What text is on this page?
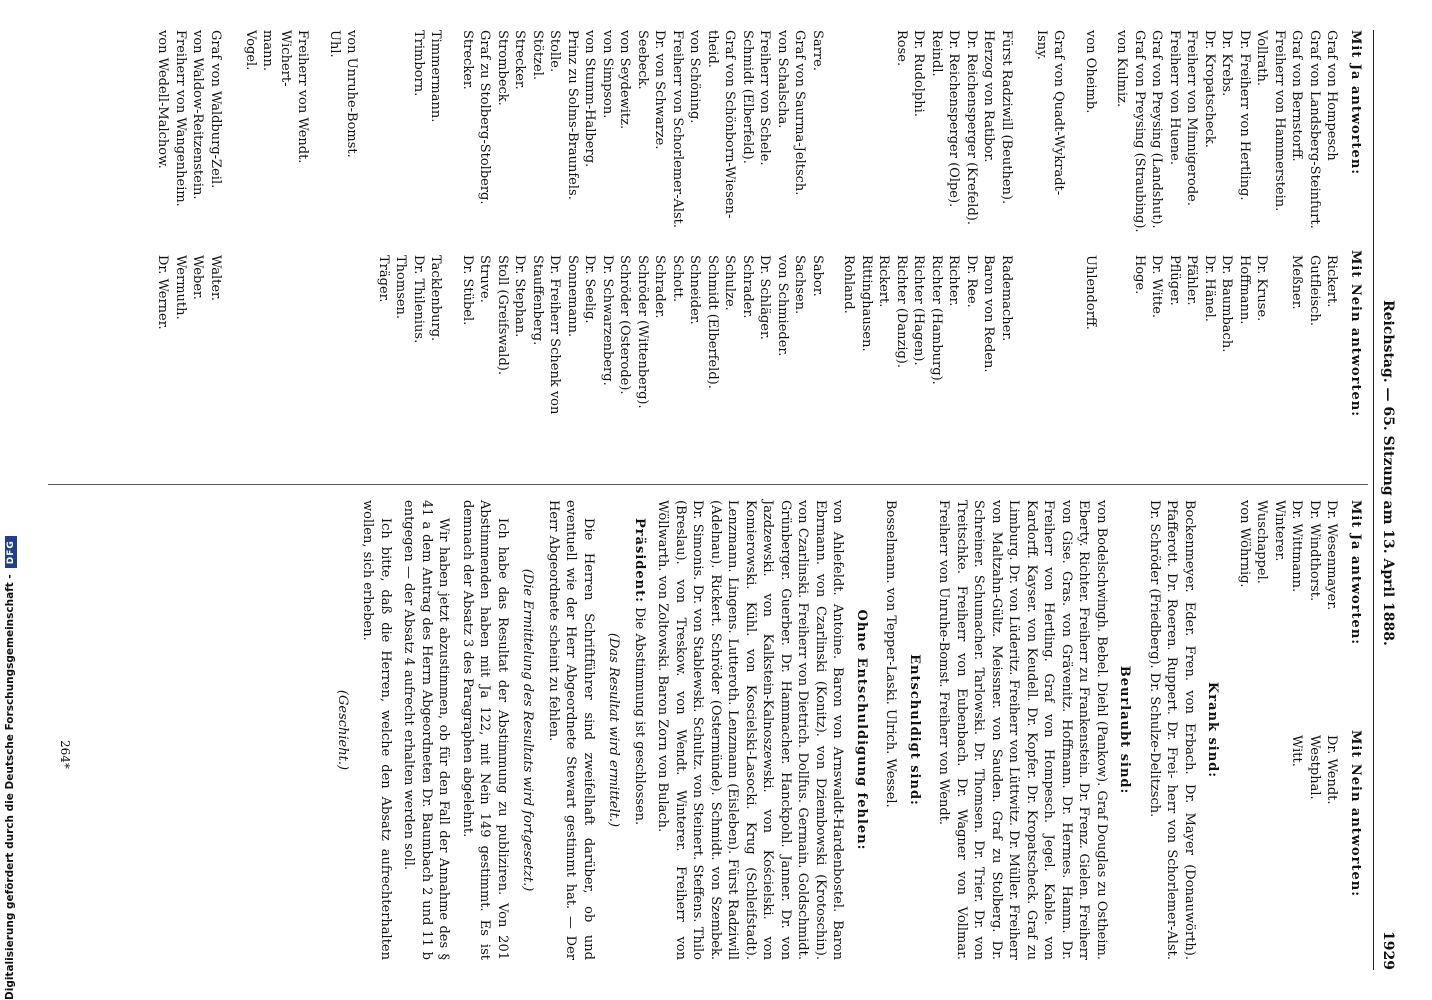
Digitalisierung gefördert durch die Deutsche Forschungsgemeinschaft -DFG	Reichstag. — 65. Sitzung am 13. April 1888.
1929
Mit Ja antworten:
Mit Nein antworten:
Graf von Hompesch
Graf von Landsberg-Steinfurt.
Graf von Bernstorff.
Freiherr von Hammerstein.
Vollrath.
Dr. Freiherr von Hertling.
Dr. Krebs.
Dr. Kropatscheck.
Freiherr von Minnigerode.
Freiherr von Huene.
Graf von Preysing (Landshut).
Graf von Preysing (Straubing).
von Kulmiz.
Rickert.
Gutfleisch.
Meßner.

Dr. Kruse.
Hoffmann.
Dr. Baumbach.
Dr. Hänel.
Pfähler.
Pflüger.
Dr. Witte.
Hoge.
von Oheimb.
Uhlendorff.
Graf von Quadt-Wykradt-
Isny.

Fürst Radziwill (Beuthen).
Herzog von Ratibor.
Dr. Reichensperger (Krefeld).
Dr. Reichensperger (Olpe).
Reindl.
Dr. Rudolphi.
Rose.

Rademacher.
Baron von Reden.
Dr. Ree.
Richter.
Richter (Hamburg).
Richter (Hagen).
Richter (Danzig).
Rickert.
Rittinghausen.
Rohland.
Sarre.
Graf von Saurma-Jeltsch.
von Schalscha.
Freiherr von Schele.
Schmidt (Elberfeld).
Graf von Schönborn-Wiesen-
theid.
von Schöning.
Freiherr von Schorlemer-Alst.
Dr. von Schwarze.
Seebeck.
von Seydewitz.
von Simpson.
von Stumm-Halberg.
Prinz zu Solms-Braunfels.
Stolle.
Stötzel.
Strecker.
Strombeck.
Graf zu Stolberg-Stolberg.
Strecker.
Sabor.
Sachsen.
von Schmieder.
Dr. Schläger.
Schrader.
Schulze.
Schmidt (Elberfeld).
Schneider.
Schott.
Schrader.
Schröder (Wittenberg).
Schröder (Osterode).
Dr. Schwarzenberg.
Dr. Seelig.
Sonnemann.
Dr. Freiherr Schenk von
Stauffenberg.
Dr. Stephan.
Stoll (Greifswald).
Struve.
Dr. Stübel.
Timmermann.
Trimborn.
Tacklenburg.
Dr. Thilenius.
Thomsen.
Träger.
von Unruhe-Bomst.
Uhl.
Freiherr von Wendt.
Wichert-
mann.
Vogel.

Graf von Waldburg-Zeil.
von Waldow-Reitzenstein.
Freiherr von Wangenheim.
von Wedell-Malchow.

Walter.
Weber.
Wermuth.
Dr. Werner.
Mit Ja antworten:
Mit Nein antworten:
Dr. Wesenmayer.
Dr. Windthorst.
Dr. Wittmann.
Winterer.
Wuschappel.
von Wöhrnig.
Dr. Wendt.
Westphal.
Witt.
Krank sind:

Bockenmeyer. Eder. Fren. von Erbach. Dr. Mayer (Donauwörth). Pfafferott. Dr. Roeren. Ruppert. Dr. Frei- herr von Schorlemer-Alst. Dr. Schröder (Friedberg). Dr. Schulze-Delitzsch.

Beurlaubt sind:

von Bodelschwingh. Bebel. Diehl (Pankow). Graf Douglas zu Ostheim. Eberty. Richter. Freiherr zu Frankenstein. Dr. Frenz. Gielen. Freiherr von Gise. Gras. von Grävenitz. Hoffmann. Dr. Hermes. Hamm. Dr. Freiherr von Hertling. Graf von Hompesch. Jegel. Kable. von Kardorff. Kayser. von Keudell. Dr. Kopfer. Dr. Kropatscheck. Graf zu Limburg. Dr. von Lüderitz. Freiherr von Lüttwitz. Dr. Müller. Freiherr von Maltzahn-Gültz. Meissner. von Sauden. Graf zu Stolberg. Dr. Schreiner. Schumacher. Tarlowski. Dr. Thomsen. Dr. Trier. Dr. von Treitschke. Freiherr von Eubenbach. Dr. Wagner von Vollmar. Freiherr von Unruhe-Bomst. Freiherr von Wendt.

Entschuldigt sind:

Bosselmann. von Tepper-Laski. Ulrich. Wessel.

Ohne Entschuldigung fehlen:

von Ahlefeldt. Antoine. Baron von Arnswaldt-Hardenbostel. Baron Ebrmann. von Czarlinski (Konitz). von Dziembowski (Krotoschin). von Czarlinski. Freiherr von Dietrich. Dollfus. Germain. Goldschmidt. Grünberger. Guerber. Dr. Hammacher. Hanckpohl. Janner. Dr. von Jazdzewski. von Kalkstein-Kalnoszewski. von Kościelski. von Komierowski. Kühl. von Koscielski-Lasocki. Krug (Schleifstadt). Lenzmann. Lingens. Lutteroth. Lenzmann (Eisleben). Fürst Radziwill (Adelnau). Rickert. Schröder (Ostermünde). Schmidt. von Szembek. Dr. Simonis. Dr. von Stablewski. Schultz. von Steinert. Steffens. Thilo (Breslau). von Treskow. von Wendt. Winterer. Freiherr von Wöllwarth. von Zoltowski. Baron Zorn von Bulach.

Präsident: Die Abstimmung ist geschlossen.

(Das Resultat wird ermittelt.)

Die Herren Schriftführer sind zweifelhaft darüber, ob und eventuell wie der Herr Abgeordnete Stewart gestimmt hat. — Der Herr Abgeordnete scheint zu fehlen.

(Die Ermittelung des Resultats wird fortgesetzt.)

Ich habe das Resultat der Abstimmung zu publiziren. Von 201 Abstimmenden haben mit Ja 122, mit Nein 149 gestimmt. Es ist demnach der Absatz 3 des Paragraphen abgelehnt.

Wir haben jetzt abzustimmen, ob für den Fall der Annahme des § 41 a dem Antrag des Herrn Abgeordneten Dr. Baumbach 2 und 11 b entgegen — der Absatz 4 aufrecht erhalten werden soll.

Ich bitte, daß die Herren, welche den Absatz aufrechterhalten wollen, sich erheben.

(Geschieht.)
264*
